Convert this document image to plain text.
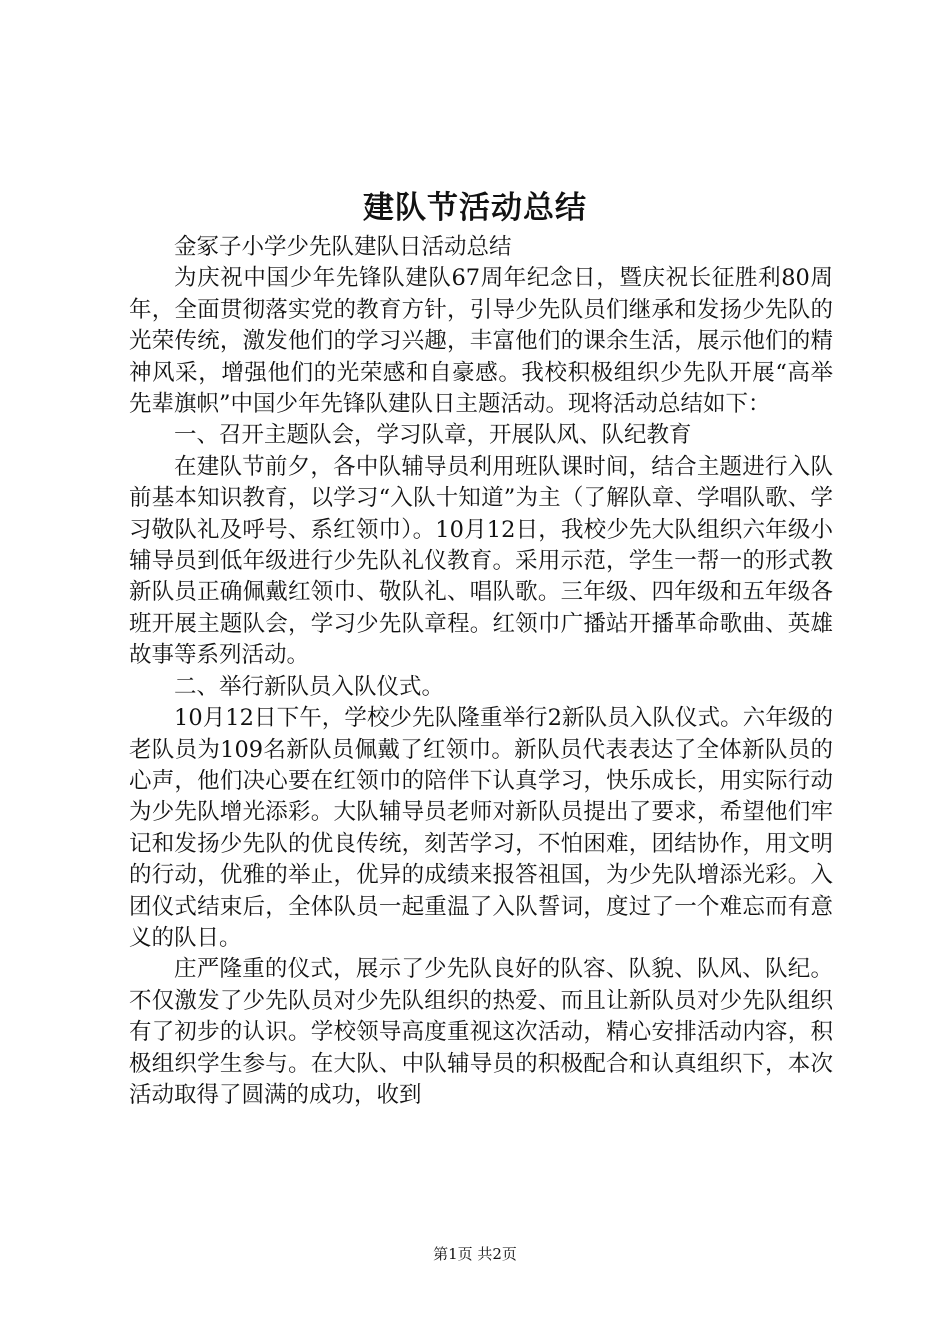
建队节活动总结

金冢子小学少先队建队日活动总结

为庆祝中国少年先锋队建队67周年纪念日，暨庆祝长征胜利80周年，全面贯彻落实党的教育方针，引导少先队员们继承和发扬少先队的光荣传统，激发他们的学习兴趣，丰富他们的课余生活，展示他们的精神风采，增强他们的光荣感和自豪感。我校积极组织少先队开展“高举先辈旗帜”中国少年先锋队建队日主题活动。现将活动总结如下：

一、召开主题队会，学习队章，开展队风、队纪教育

在建队节前夕，各中队辅导员利用班队课时间，结合主题进行入队前基本知识教育，以学习“入队十知道”为主（了解队章、学唱队歌、学习敬队礼及呼号、系红领巾）。10月12日，我校少先大队组织六年级小辅导员到低年级进行少先队礼仪教育。采用示范，学生一帮一的形式教新队员正确佩戴红领巾、敬队礼、唱队歌。三年级、四年级和五年级各班开展主题队会，学习少先队章程。红领巾广播站开播革命歌曲、英雄故事等系列活动。

二、举行新队员入队仪式。

10月12日下午，学校少先队隆重举行2新队员入队仪式。六年级的老队员为109名新队员佩戴了红领巾。新队员代表表达了全体新队员的心声，他们决心要在红领巾的陪伴下认真学习，快乐成长，用实际行动为少先队增光添彩。大队辅导员老师对新队员提出了要求，希望他们牢记和发扬少先队的优良传统，刻苦学习，不怕困难，团结协作，用文明的行动，优雅的举止，优异的成绩来报答祖国，为少先队增添光彩。入团仪式结束后，全体队员一起重温了入队誓词，度过了一个难忘而有意义的队日。

庄严隆重的仪式，展示了少先队良好的队容、队貌、队风、队纪。不仅激发了少先队员对少先队组织的热爱、而且让新队员对少先队组织有了初步的认识。学校领导高度重视这次活动，精心安排活动内容，积极组织学生参与。在大队、中队辅导员的积极配合和认真组织下，本次活动取得了圆满的成功，收到

第1页 共2页
